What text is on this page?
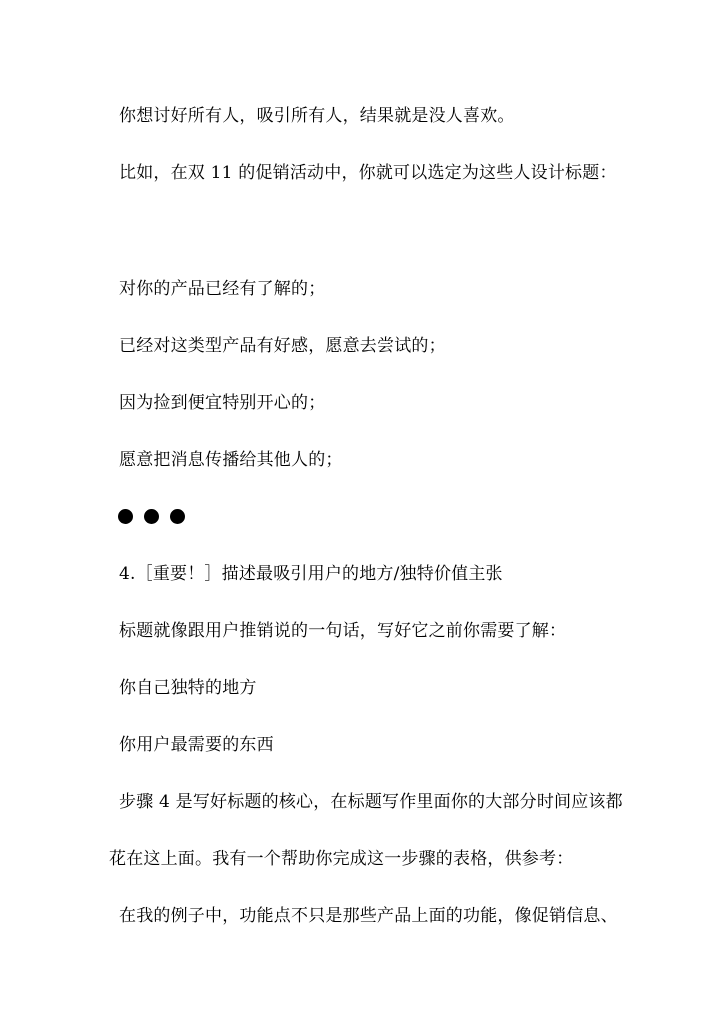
你想讨好所有人，吸引所有人，结果就是没人喜欢。
比如，在双 11 的促销活动中，你就可以选定为这些人设计标题：
对你的产品已经有了解的；
已经对这类型产品有好感，愿意去尝试的；
因为捡到便宜特别开心的；
愿意把消息传播给其他人的；
4.［重要！］描述最吸引用户的地方/独特价值主张
标题就像跟用户推销说的一句话，写好它之前你需要了解：
你自己独特的地方
你用户最需要的东西
步骤 4 是写好标题的核心，在标题写作里面你的大部分时间应该都
花在这上面。我有一个帮助你完成这一步骤的表格，供参考：
在我的例子中，功能点不只是那些产品上面的功能，像促销信息、
